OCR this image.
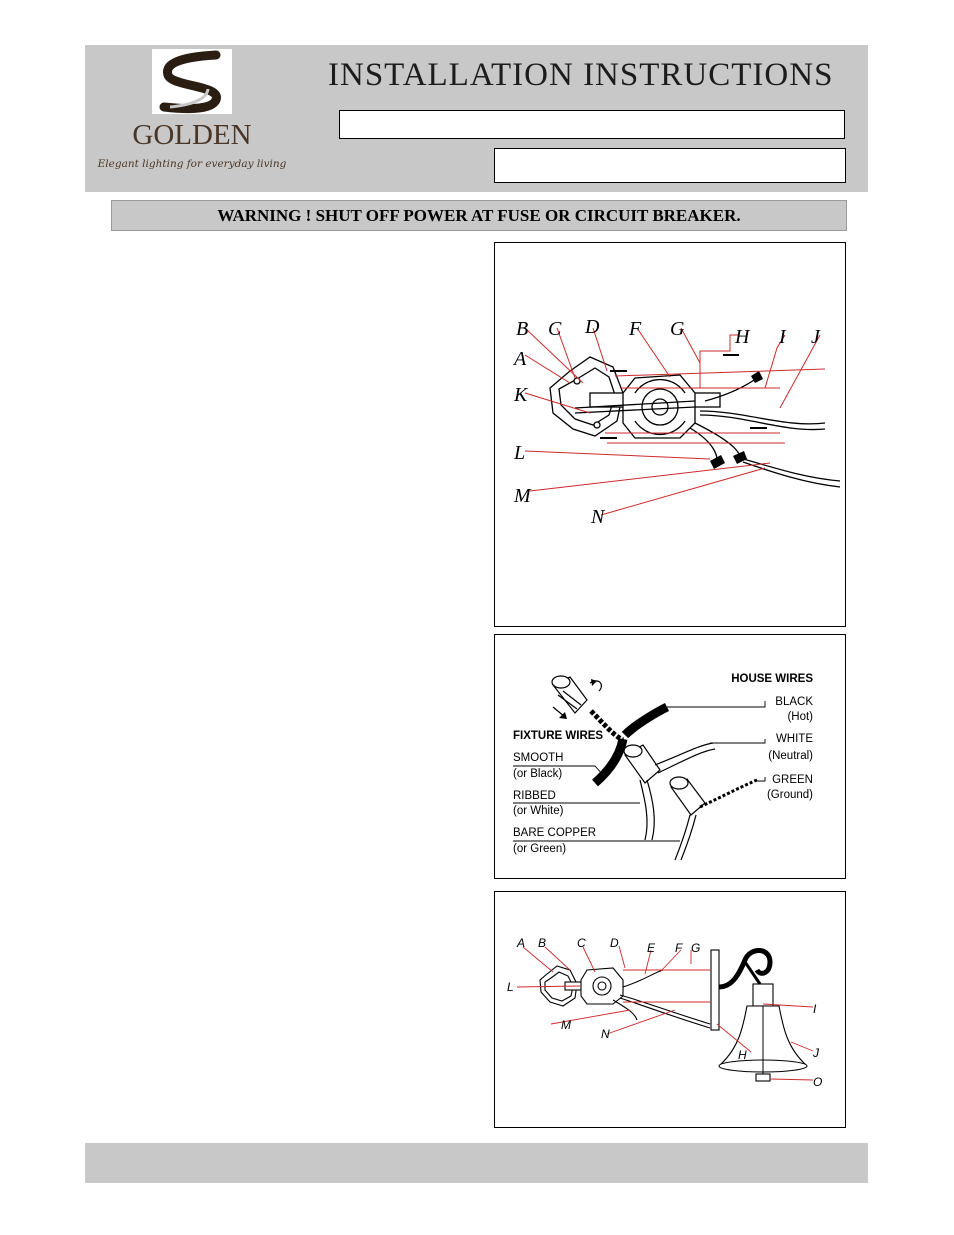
GOLDEN
Elegant lighting for everyday living
INSTALLATION INSTRUCTIONS
WARNING ! SHUT OFF POWER AT FUSE OR CIRCUIT BREAKER.
B C D F G	H I J
A
K
L
M
N
HOUSE WIRES
BLACK
(Hot)
WHITE
(Neutral)
GREEN
(Ground)
FIXTURE WIRES
SMOOTH
(or Black)
RIBBED
(or White)
BARE COPPER
(or Green)
A B	C D E F G
L
I
M
N
H	J
O
